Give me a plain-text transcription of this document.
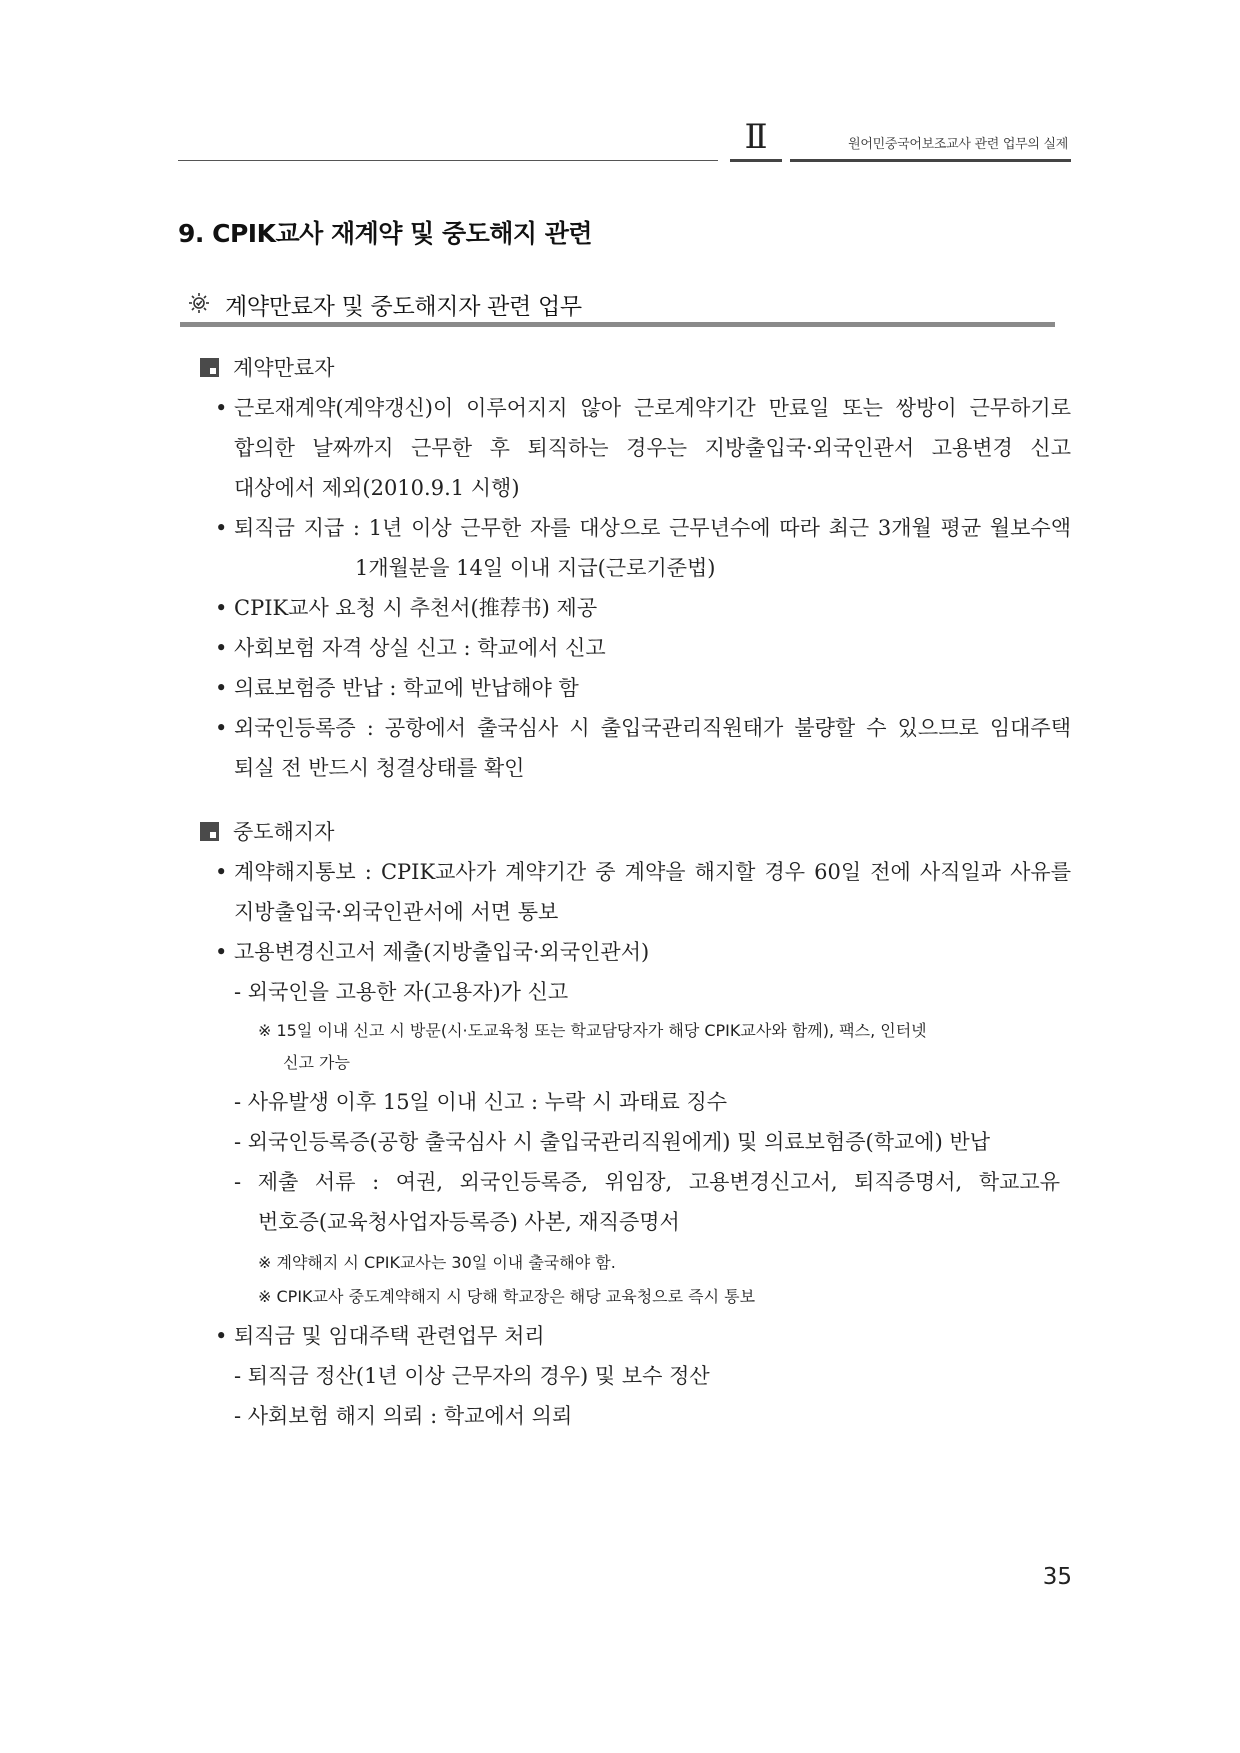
Ⅱ	원어민중국어보조교사 관련 업무의 실제
9. CPIK교사 재계약 및 중도해지 관련
계약만료자 및 중도해지자 관련 업무
계약만료자
• 근로재계약(계약갱신)이 이루어지지 않아 근로계약기간 만료일 또는 쌍방이 근무하기로
합의한 날짜까지 근무한 후 퇴직하는 경우는 지방출입국·외국인관서 고용변경 신고
대상에서 제외(2010.9.1 시행)
• 퇴직금 지급 : 1년 이상 근무한 자를 대상으로 근무년수에 따라 최근 3개월 평균 월보수액
1개월분을 14일 이내 지급(근로기준법)
• CPIK교사 요청 시 추천서(推荐书) 제공
• 사회보험 자격 상실 신고 : 학교에서 신고
• 의료보험증 반납 : 학교에 반납해야 함
• 외국인등록증 : 공항에서 출국심사 시 출입국관리직원태가 불량할 수 있으므로 임대주택
퇴실 전 반드시 청결상태를 확인
중도해지자
• 계약해지통보 : CPIK교사가 계약기간 중 계약을 해지할 경우 60일 전에 사직일과 사유를
지방출입국·외국인관서에 서면 통보
• 고용변경신고서 제출(지방출입국·외국인관서)
- 외국인을 고용한 자(고용자)가 신고
※ 15일 이내 신고 시 방문(시·도교육청 또는 학교담당자가 해당 CPIK교사와 함께), 팩스, 인터넷
신고 가능
- 사유발생 이후 15일 이내 신고 : 누락 시 과태료 징수
- 외국인등록증(공항 출국심사 시 출입국관리직원에게) 및 의료보험증(학교에) 반납
- 제출 서류 : 여권, 외국인등록증, 위임장, 고용변경신고서, 퇴직증명서, 학교고유
번호증(교육청사업자등록증) 사본, 재직증명서
※ 계약해지 시 CPIK교사는 30일 이내 출국해야 함.
※ CPIK교사 중도계약해지 시 당해 학교장은 해당 교육청으로 즉시 통보
• 퇴직금 및 임대주택 관련업무 처리
- 퇴직금 정산(1년 이상 근무자의 경우) 및 보수 정산
- 사회보험 해지 의뢰 : 학교에서 의뢰
35
